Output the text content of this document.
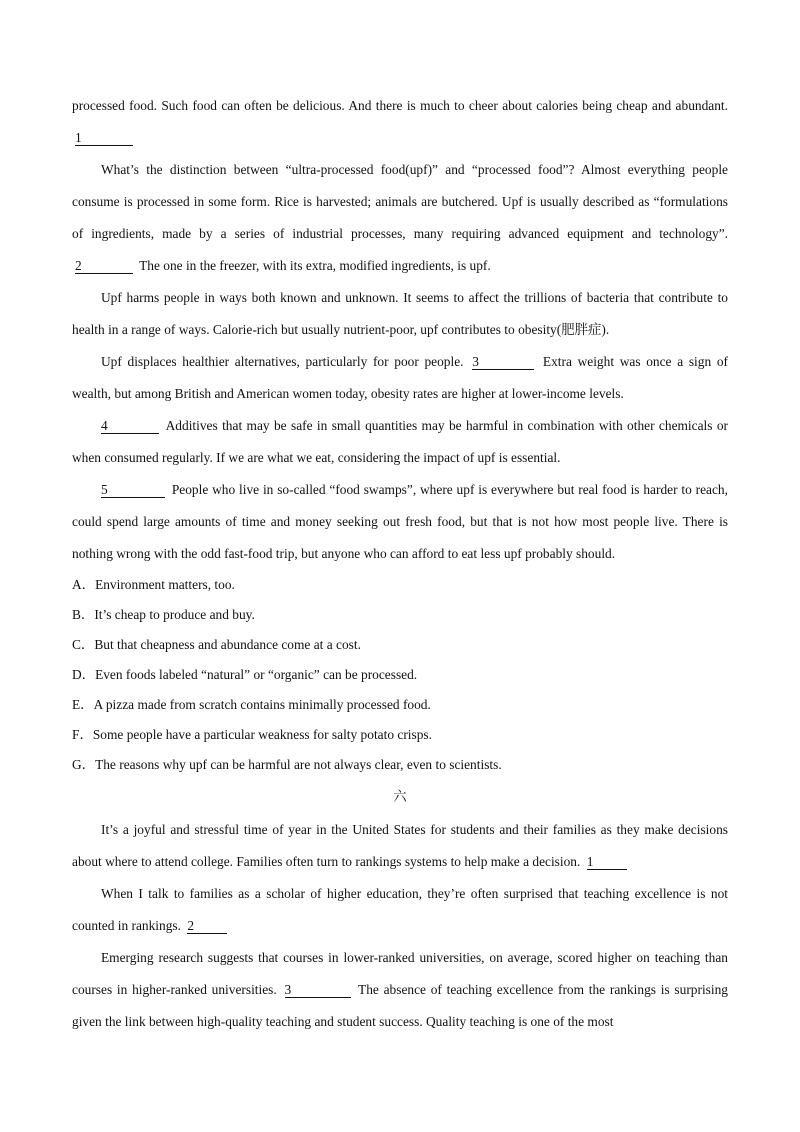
processed food. Such food can often be delicious. And there is much to cheer about calories being cheap and abundant. 1

What’s the distinction between “ultra-processed food(upf)” and “processed food”? Almost everything people consume is processed in some form. Rice is harvested; animals are butchered. Upf is usually described as “formulations of ingredients, made by a series of industrial processes, many requiring advanced equipment and technology”. 2	The one in the freezer, with its extra, modified ingredients, is upf.

Upf harms people in ways both known and unknown. It seems to affect the trillions of bacteria that contribute to health in a range of ways. Calorie-rich but usually nutrient-poor, upf contributes to obesity(肥胖症).

Upf displaces healthier alternatives, particularly for poor people. 3	Extra weight was once a sign of wealth, but among British and American women today, obesity rates are higher at lower-income levels.

4	Additives that may be safe in small quantities may be harmful in combination with other chemicals or when consumed regularly. If we are what we eat, considering the impact of upf is essential.

5	People who live in so-called “food swamps”, where upf is everywhere but real food is harder to reach, could spend large amounts of time and money seeking out fresh food, but that is not how most people live. There is nothing wrong with the odd fast-food trip, but anyone who can afford to eat less upf probably should.

A．Environment matters, too.

B．It’s cheap to produce and buy.

C．But that cheapness and abundance come at a cost.

D．Even foods labeled “natural” or “organic” can be processed.

E．A pizza made from scratch contains minimally processed food.

F．Some people have a particular weakness for salty potato crisps.

G．The reasons why upf can be harmful are not always clear, even to scientists.

六

It’s a joyful and stressful time of year in the United States for students and their families as they make decisions about where to attend college. Families often turn to rankings systems to help make a decision. 1

When I talk to families as a scholar of higher education, they’re often surprised that teaching excellence is not counted in rankings. 2

Emerging research suggests that courses in lower-ranked universities, on average, scored higher on teaching than courses in higher-ranked universities. 3	The absence of teaching excellence from the rankings is surprising given the link between high-quality teaching and student success. Quality teaching is one of the most
